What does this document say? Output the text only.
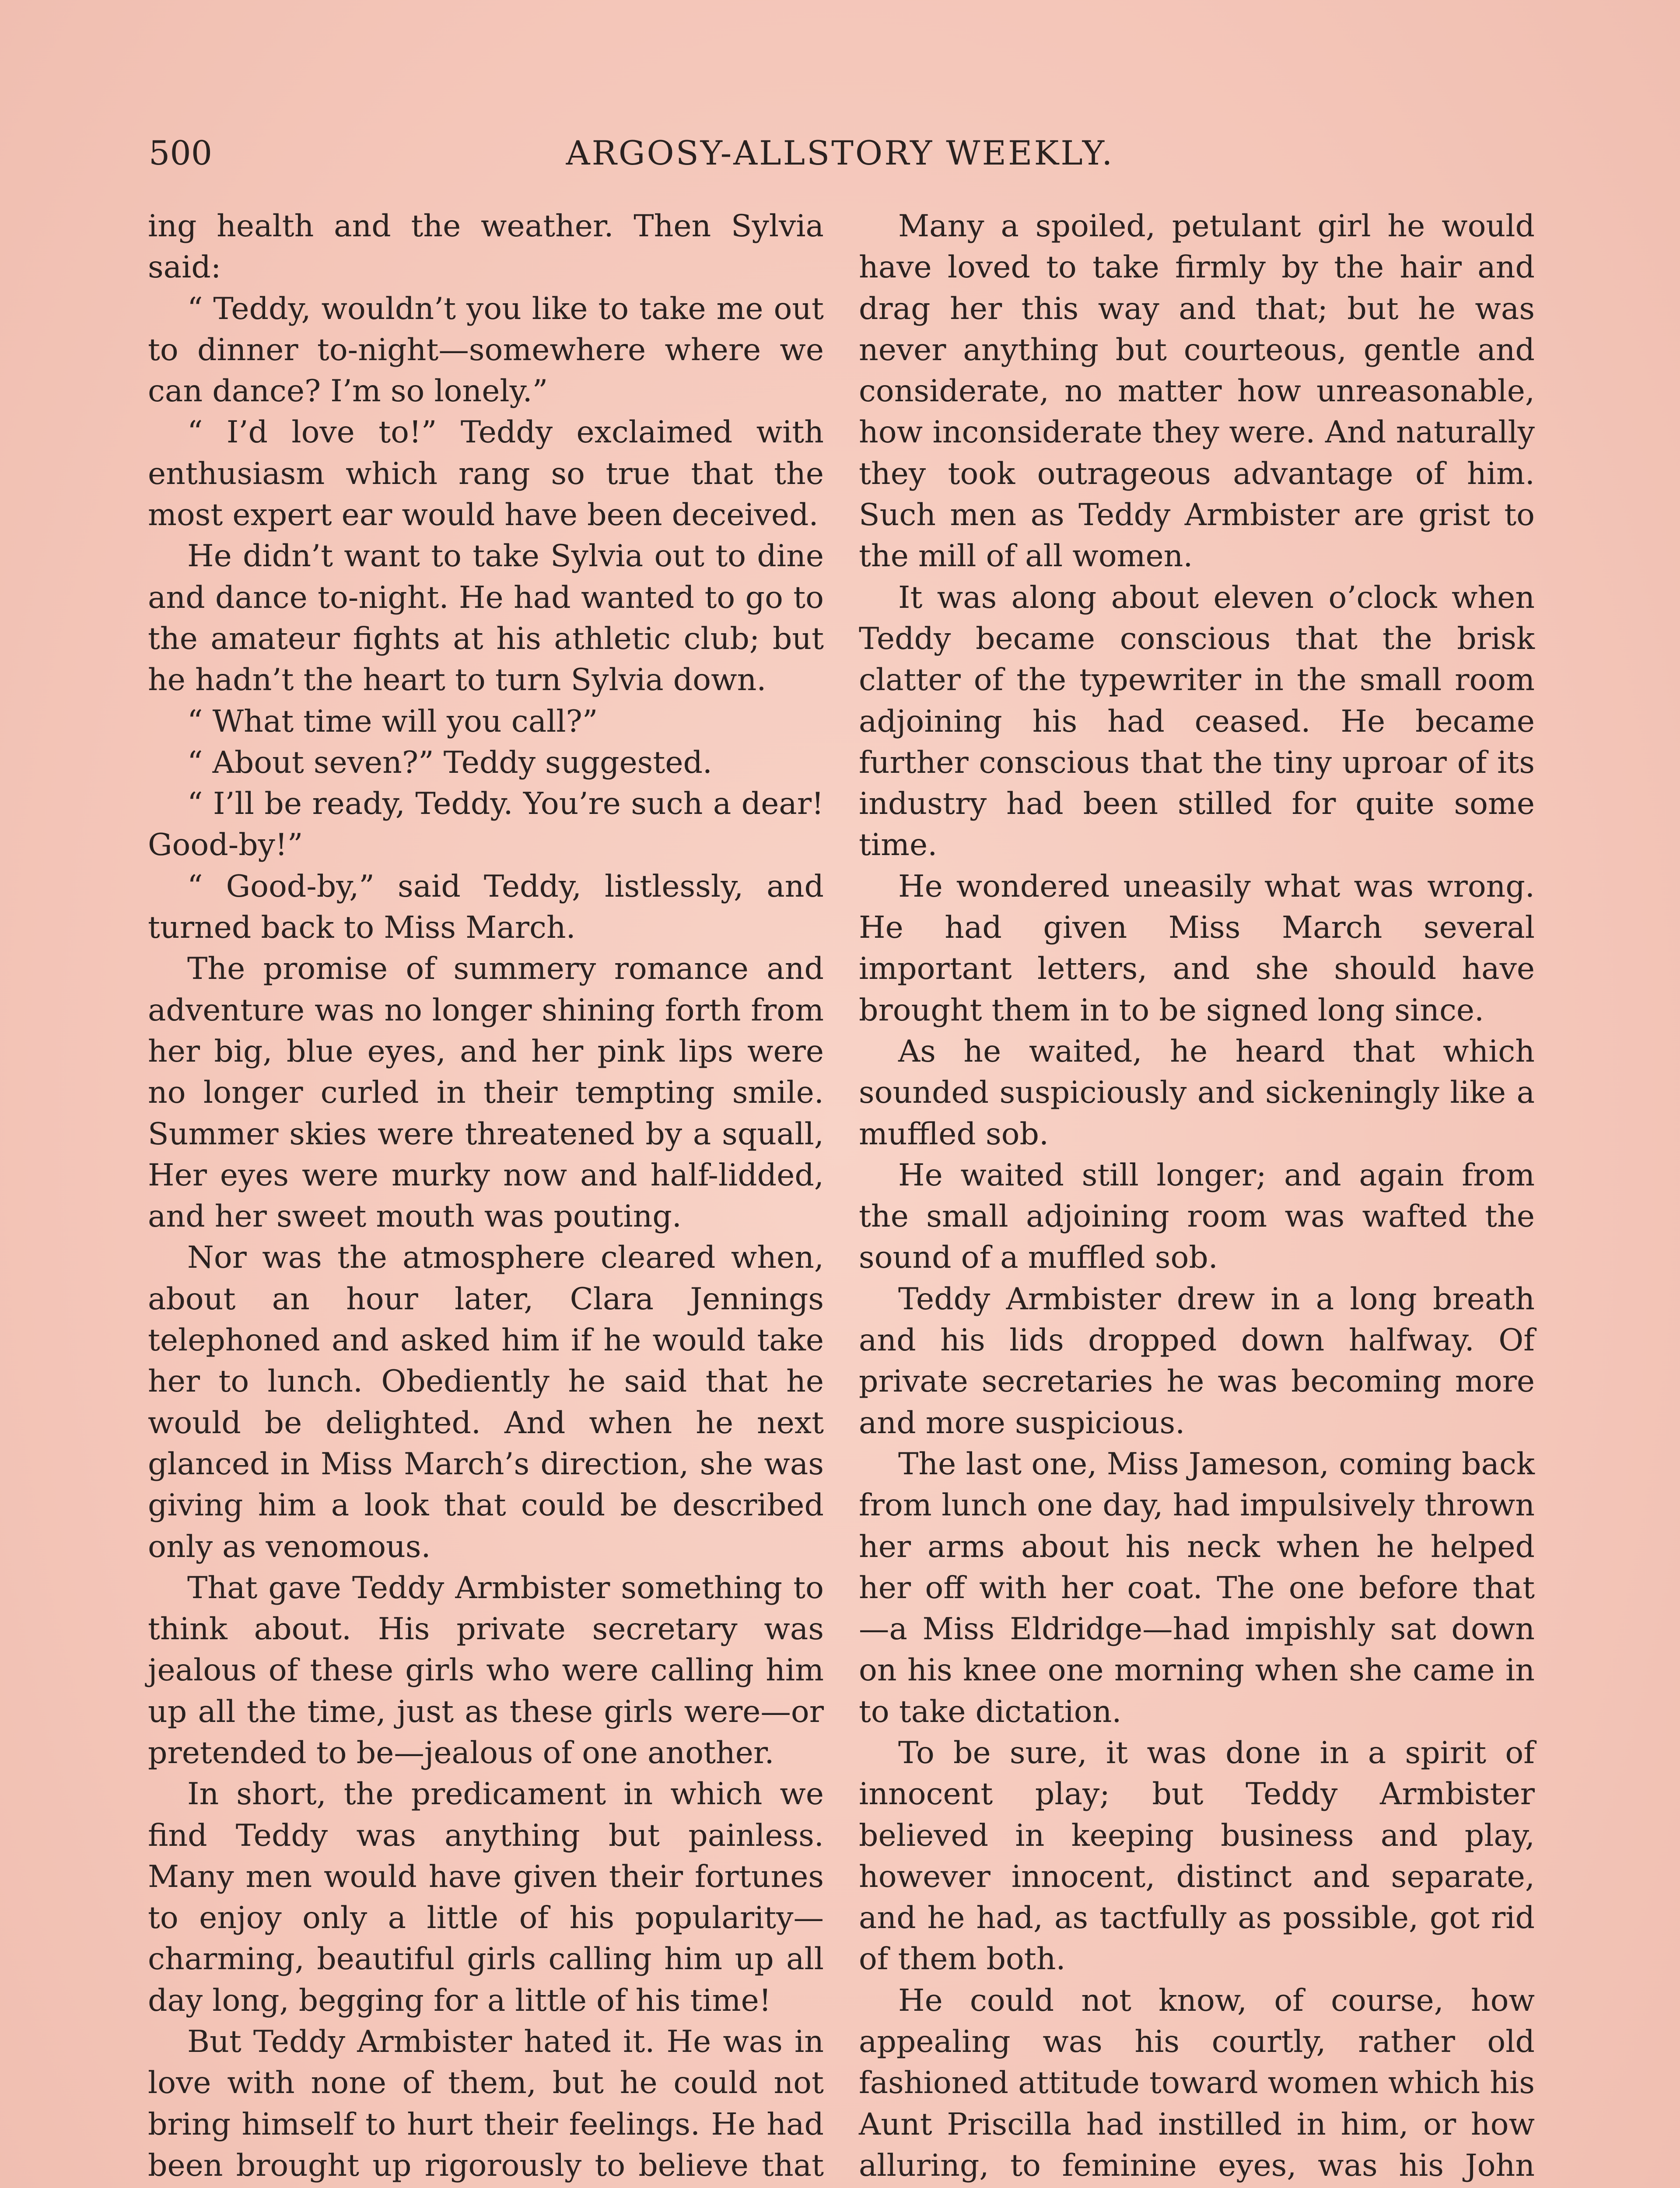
500	ARGOSY-ALLSTORY WEEKLY.

ing health and the weather. Then Sylvia said:

“ Teddy, wouldn’t you like to take me out to dinner to-night—somewhere where we can dance? I’m so lonely.”

“ I’d love to!” Teddy exclaimed with enthusiasm which rang so true that the most expert ear would have been deceived.

He didn’t want to take Sylvia out to dine and dance to-night. He had wanted to go to the amateur fights at his athletic club; but he hadn’t the heart to turn Sylvia down.

“ What time will you call?”

“ About seven?” Teddy suggested.

“ I’ll be ready, Teddy. You’re such a dear! Good-by!”

“ Good-by,” said Teddy, listlessly, and turned back to Miss March.

The promise of summery romance and adventure was no longer shining forth from her big, blue eyes, and her pink lips were no longer curled in their tempting smile. Summer skies were threatened by a squall, Her eyes were murky now and half-lidded, and her sweet mouth was pouting.

Nor was the atmosphere cleared when, about an hour later, Clara Jennings telephoned and asked him if he would take her to lunch. Obediently he said that he would be delighted. And when he next glanced in Miss March’s direction, she was giving him a look that could be described only as venomous.

That gave Teddy Armbister something to think about. His private secretary was jealous of these girls who were calling him up all the time, just as these girls were—or pretended to be—jealous of one another.

In short, the predicament in which we find Teddy was anything but painless. Many men would have given their fortunes to enjoy only a little of his popularity—charming, beautiful girls calling him up all day long, begging for a little of his time!

But Teddy Armbister hated it. He was in love with none of them, but he could not bring himself to hurt their feelings. He had been brought up rigorously to believe that

Many a spoiled, petulant girl he would have loved to take firmly by the hair and drag her this way and that; but he was never anything but courteous, gentle and considerate, no matter how unreasonable, how inconsiderate they were. And naturally they took outrageous advantage of him. Such men as Teddy Armbister are grist to the mill of all women.

It was along about eleven o’clock when Teddy became conscious that the brisk clatter of the typewriter in the small room adjoining his had ceased. He became further conscious that the tiny uproar of its industry had been stilled for quite some time.

He wondered uneasily what was wrong. He had given Miss March several important letters, and she should have brought them in to be signed long since.

As he waited, he heard that which sounded suspiciously and sickeningly like a muffled sob.

He waited still longer; and again from the small adjoining room was wafted the sound of a muffled sob.

Teddy Armbister drew in a long breath and his lids dropped down halfway. Of private secretaries he was becoming more and more suspicious.

The last one, Miss Jameson, coming back from lunch one day, had impulsively thrown her arms about his neck when he helped her off with her coat. The one before that —a Miss Eldridge—had impishly sat down on his knee one morning when she came in to take dictation.

To be sure, it was done in a spirit of innocent play; but Teddy Armbister believed in keeping business and play, however innocent, distinct and separate, and he had, as tactfully as possible, got rid of them both.

He could not know, of course, how appealing was his courtly, rather old fashioned attitude toward women which his Aunt Priscilla had instilled in him, or how alluring, to feminine eyes, was his John
